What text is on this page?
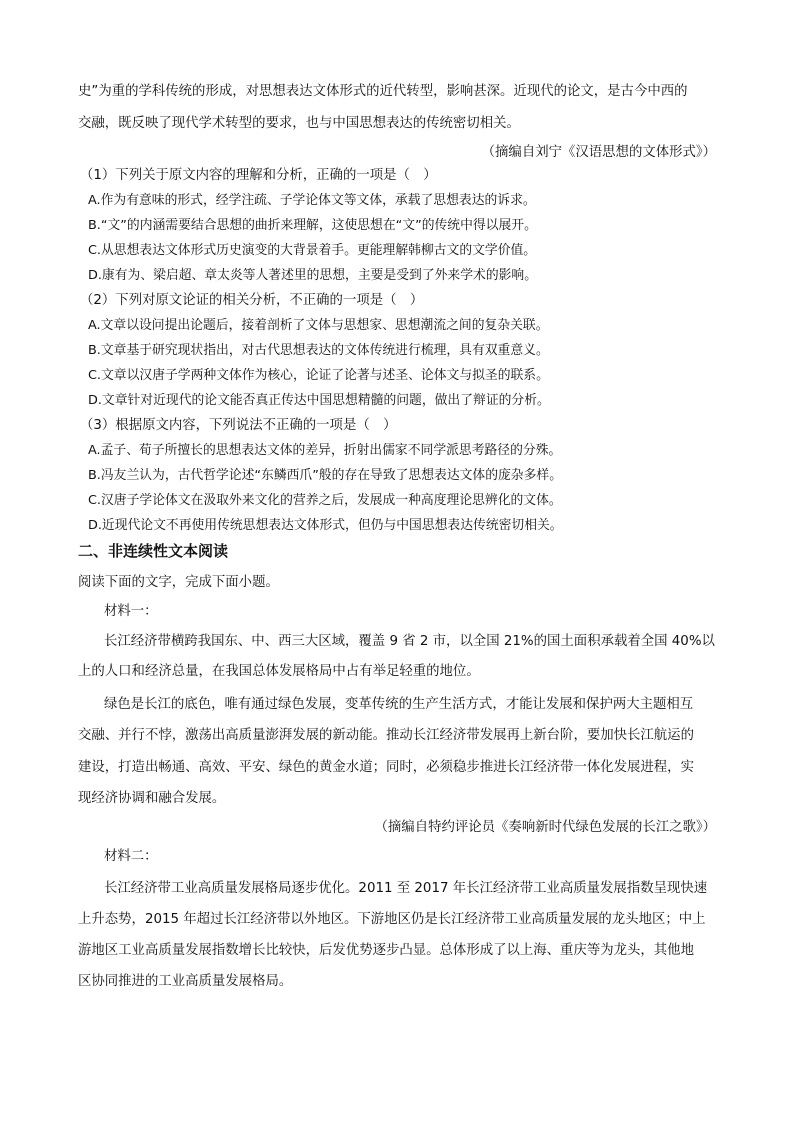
史”为重的学科传统的形成，对思想表达文体形式的近代转型，影响甚深。近现代的论文，是古今中西的
交融，既反映了现代学术转型的要求，也与中国思想表达的传统密切相关。
（摘编自刘宁《汉语思想的文体形式》）
（1）下列关于原文内容的理解和分析，正确的一项是（　）
A.作为有意味的形式，经学注疏、子学论体文等文体，承载了思想表达的诉求。
B.“文”的内涵需要结合思想的曲折来理解，这使思想在“文”的传统中得以展开。
C.从思想表达文体形式历史演变的大背景着手。更能理解韩柳古文的文学价值。
D.康有为、梁启超、章太炎等人著述里的思想，主要是受到了外来学术的影响。
（2）下列对原文论证的相关分析，不正确的一项是（　）
A.文章以设问提出论题后，接着剖析了文体与思想家、思想潮流之间的复杂关联。
B.文章基于研究现状指出，对古代思想表达的文体传统进行梳理，具有双重意义。
C.文章以汉唐子学两种文体作为核心，论证了论著与述圣、论体文与拟圣的联系。
D.文章针对近现代的论文能否真正传达中国思想精髓的问题，做出了辩证的分析。
（3）根据原文内容，下列说法不正确的一项是（　）
A.孟子、荀子所擅长的思想表达文体的差异，折射出儒家不同学派思考路径的分殊。
B.冯友兰认为，古代哲学论述“东鳞西爪”般的存在导致了思想表达文体的庞杂多样。
C.汉唐子学论体文在汲取外来文化的营养之后，发展成一种高度理论思辨化的文体。
D.近现代论文不再使用传统思想表达文体形式，但仍与中国思想表达传统密切相关。
二、非连续性文本阅读
阅读下面的文字，完成下面小题。
材料一：
长江经济带横跨我国东、中、西三大区域，覆盖 9 省 2 市，以全国 21%的国土面积承载着全国 40%以
上的人口和经济总量，在我国总体发展格局中占有举足轻重的地位。
绿色是长江的底色，唯有通过绿色发展，变革传统的生产生活方式，才能让发展和保护两大主题相互
交融、并行不悖，激荡出高质量澎湃发展的新动能。推动长江经济带发展再上新台阶，要加快长江航运的
建设，打造出畅通、高效、平安、绿色的黄金水道；同时，必须稳步推进长江经济带一体化发展进程，实
现经济协调和融合发展。
（摘编自特约评论员《奏响新时代绿色发展的长江之歌》）
材料二：
长江经济带工业高质量发展格局逐步优化。2011 至 2017 年长江经济带工业高质量发展指数呈现快速
上升态势，2015 年超过长江经济带以外地区。下游地区仍是长江经济带工业高质量发展的龙头地区；中上
游地区工业高质量发展指数增长比较快，后发优势逐步凸显。总体形成了以上海、重庆等为龙头，其他地
区协同推进的工业高质量发展格局。
